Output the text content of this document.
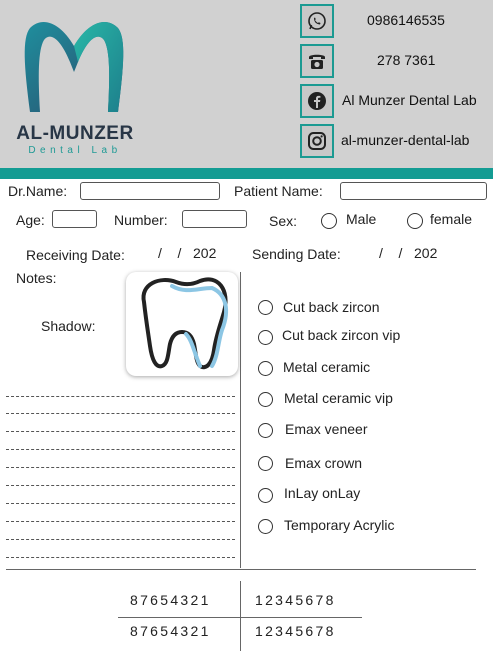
AL-MUNZER
Dental Lab
0986146535
278 7361
Al Munzer Dental Lab
al-munzer-dental-lab
Dr.Name:	Patient Name:
Age:	Number:	Sex:	Male	female
Receiving Date: /    /   202	Sending Date:	/    /   202
Notes:
Shadow:
Cut back zircon
Cut back zircon vip
Metal ceramic
Metal ceramic vip
Emax veneer
Emax crown
InLay onLay
Temporary Acrylic
87654321	12345678
87654321	12345678
